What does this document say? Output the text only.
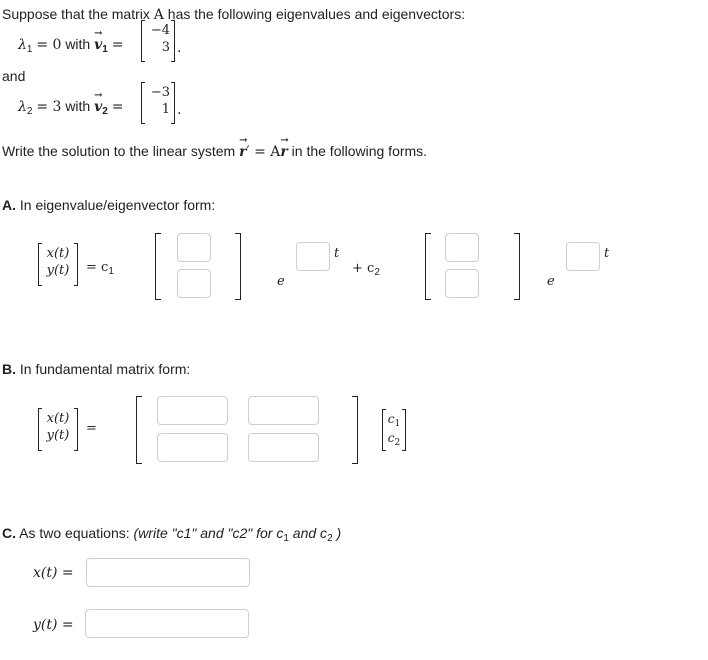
Suppose that the matrix A has the following eigenvalues and eigenvectors:
$\lambda_1 = 0$ with $v \to_1$ =
−4
3 .
and
$\lambda_2 = 3$ with $v \to_2$ =
−3
1 .
Write the solution to the linear system r →′ = Ar → in the following forms.
A. In eigenvalue/eigenvector form:
x(t)
y(t)	= $c_1$
e
t
+ $c_2$
e
t
B. In fundamental matrix form:
x(t)
y(t)	=
$c_1$
$c_2$
C. As two equations: (write "c1" and "c2" for $c_1$ and $c_2$ )
x(t) =
y(t) =
